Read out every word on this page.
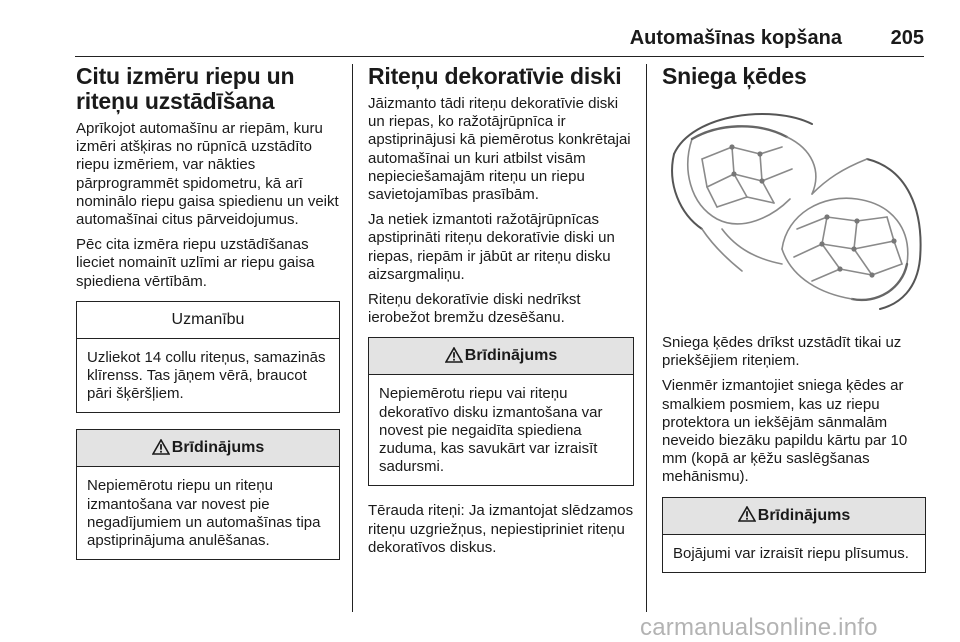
Automašīnas kopšana 205
Citu izmēru riepu un riteņu uzstādīšana

Aprīkojot automašīnu ar riepām, kuru izmēri atšķiras no rūpnīcā uzstādīto riepu izmēriem, var nākties pārprogrammēt spidometru, kā arī nominālo riepu gaisa spiedienu un veikt automašīnai citus pārveidojumus.

Pēc cita izmēra riepu uzstādīšanas lieciet nomainīt uzlīmi ar riepu gaisa spiediena vērtībām.

Uzmanību
Uzliekot 14 collu riteņus, samazinās klīrenss. Tas jāņem vērā, braucot pāri šķēršļiem.
Brīdinājums
Nepiemērotu riepu un riteņu izmantošana var novest pie negadījumiem un automašīnas tipa apstiprinājuma anulēšanas.
Riteņu dekoratīvie diski

Jāizmanto tādi riteņu dekoratīvie diski un riepas, ko ražotājrūpnīca ir apstiprinājusi kā piemērotus konkrētajai automašīnai un kuri atbilst visām nepieciešamajām riteņu un riepu savietojamības prasībām.

Ja netiek izmantoti ražotājrūpnīcas apstiprināti riteņu dekoratīvie diski un riepas, riepām ir jābūt ar riteņu disku aizsargmaliņu.

Riteņu dekoratīvie diski nedrīkst ierobežot bremžu dzesēšanu.

Brīdinājums
Nepiemērotu riepu vai riteņu dekoratīvo disku izmantošana var novest pie negaidīta spiediena zuduma, kas savukārt var izraisīt sadursmi.

Tērauda riteņi: Ja izmantojat slēdzamos riteņu uzgriežņus, nepiestipriniet riteņu dekoratīvos diskus.

Sniega ķēdes

Sniega ķēdes drīkst uzstādīt tikai uz priekšējiem riteņiem.

Vienmēr izmantojiet sniega ķēdes ar smalkiem posmiem, kas uz riepu protektora un iekšējām sānmalām neveido biezāku papildu kārtu par 10 mm (kopā ar ķēžu saslēgšanas mehānismu).

Brīdinājums
Bojājumi var izraisīt riepu plīsumus.
carmanualsonline.info
